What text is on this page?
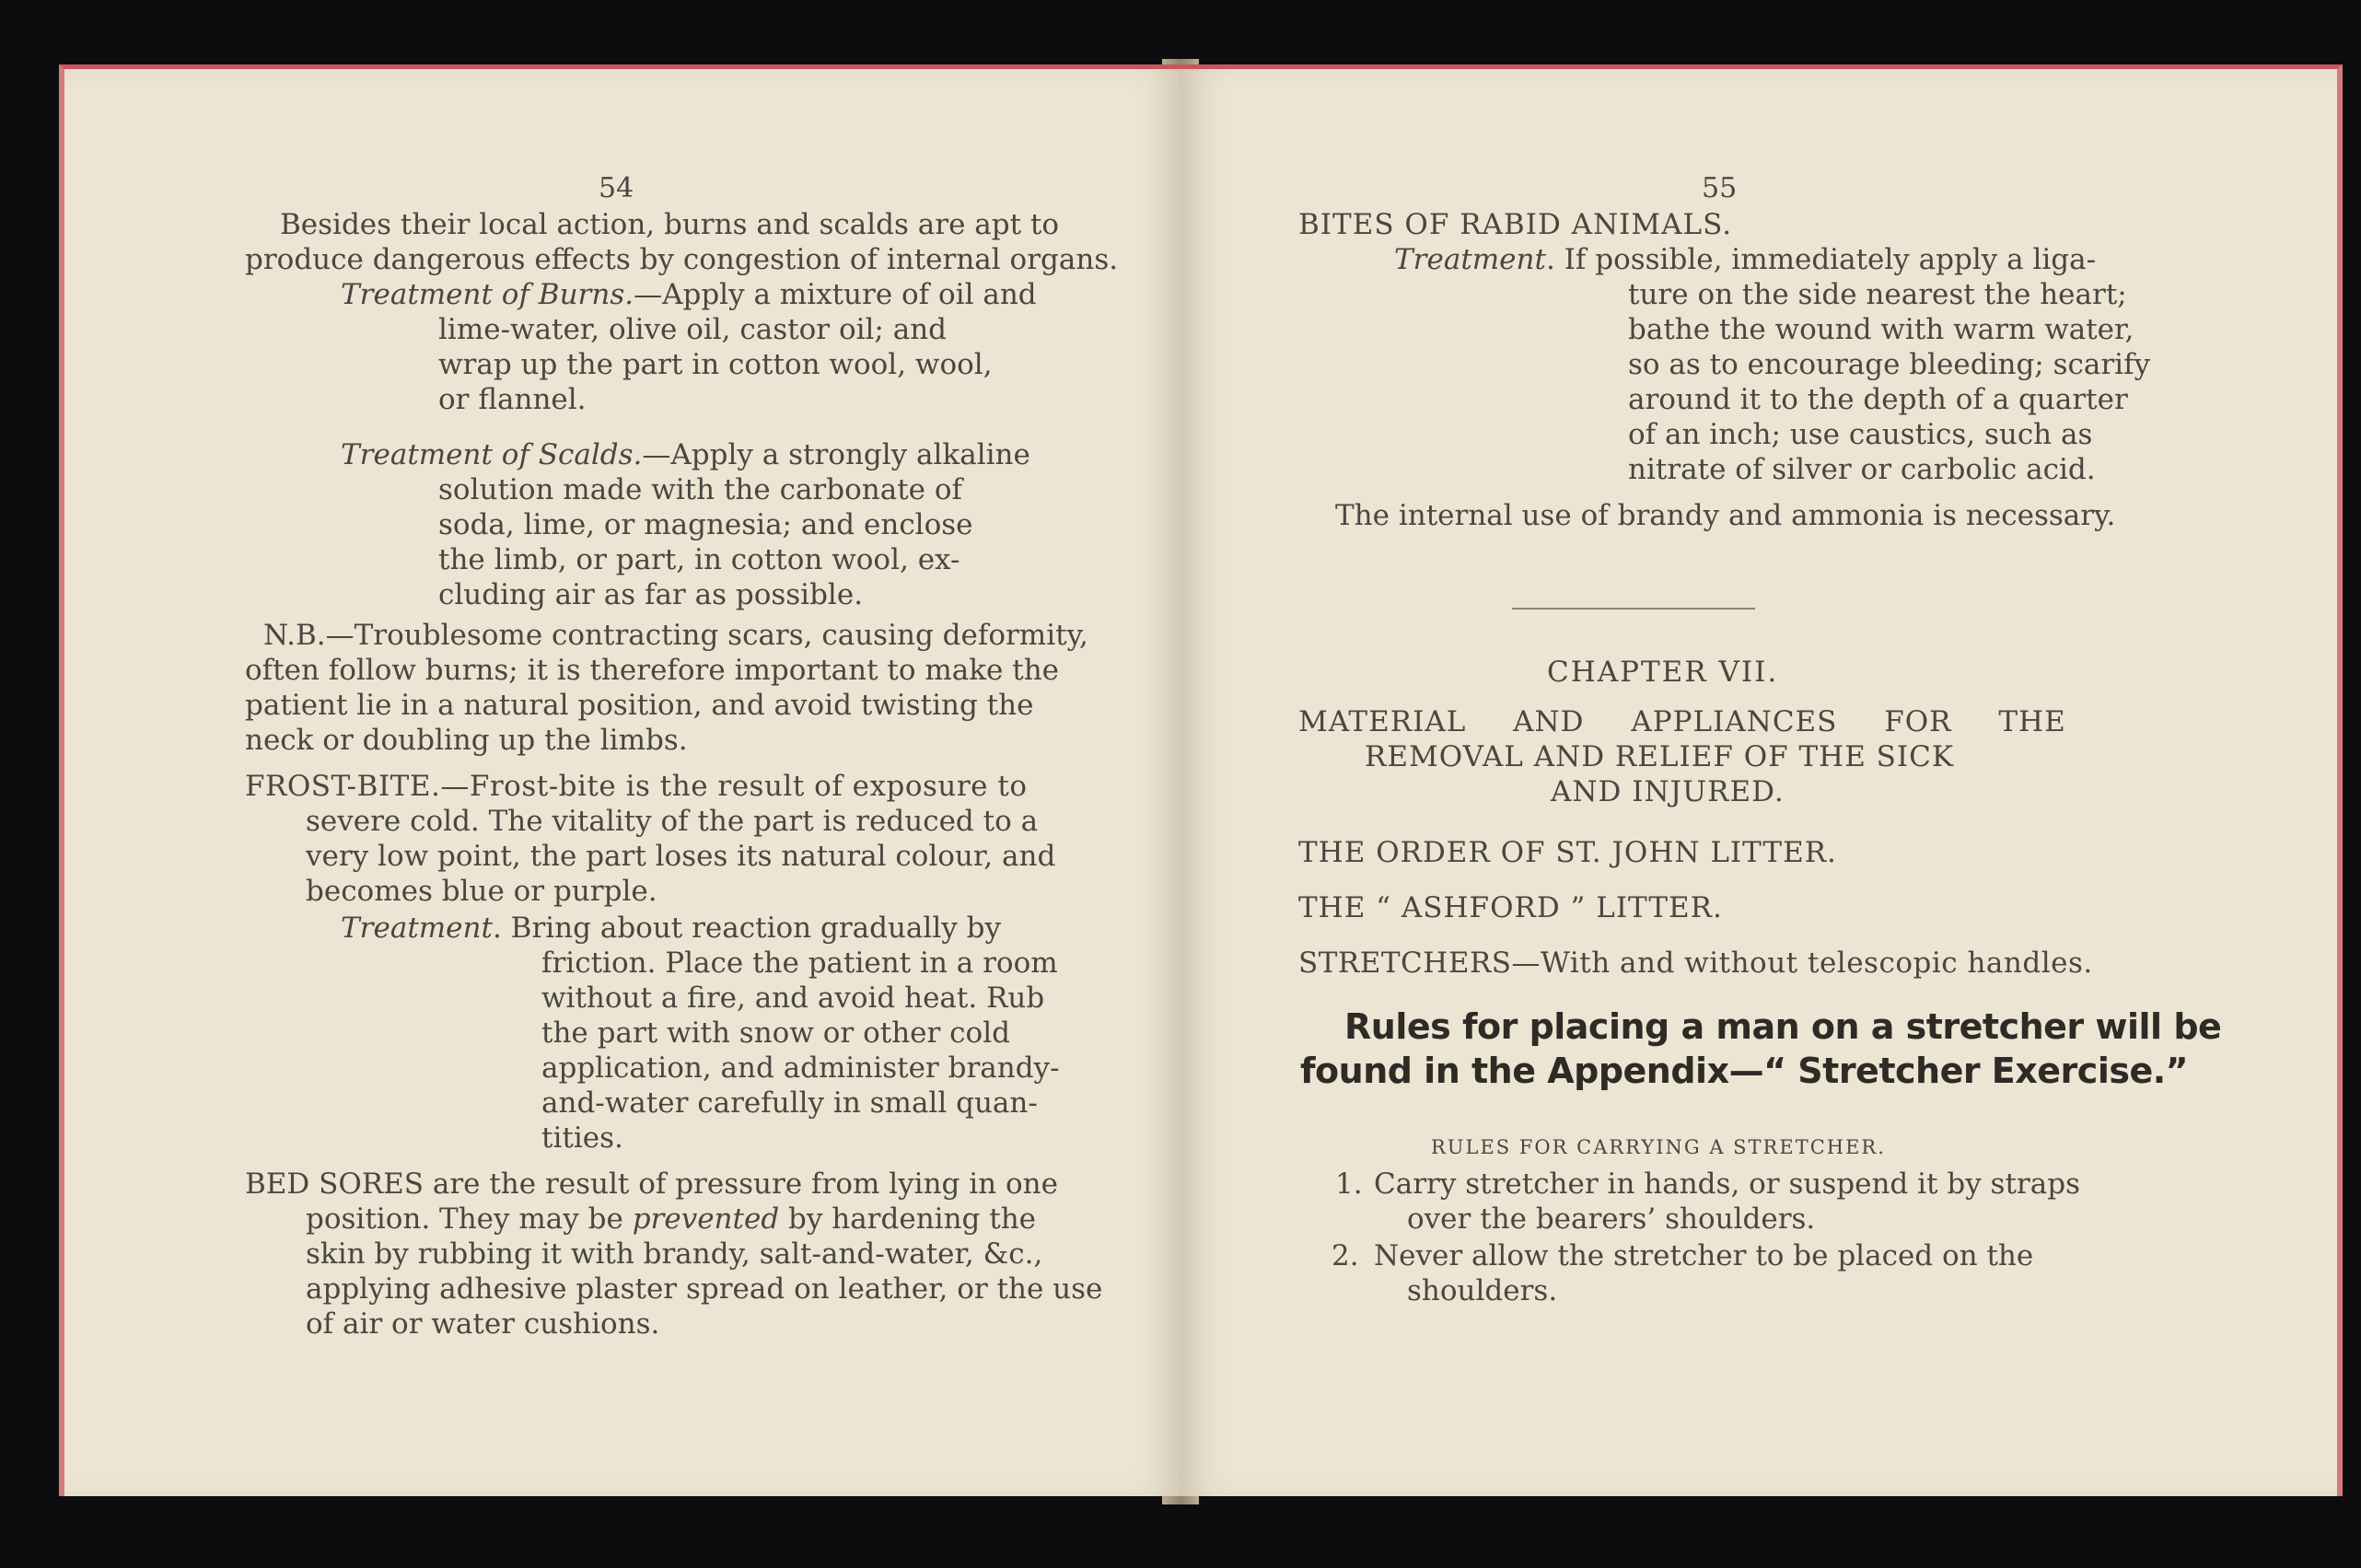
54
Besides their local action, burns and scalds are apt to
produce dangerous effects by congestion of internal organs.
Treatment of Burns.—Apply a mixture of oil and
lime-water, olive oil, castor oil; and
wrap up the part in cotton wool, wool,
or flannel.
Treatment of Scalds.—Apply a strongly alkaline
solution made with the carbonate of
soda, lime, or magnesia; and enclose
the limb, or part, in cotton wool, ex-
cluding air as far as possible.
N.B.—Troublesome contracting scars, causing deformity,
often follow burns; it is therefore important to make the
patient lie in a natural position, and avoid twisting the
neck or doubling up the limbs.
FROST-BITE.—Frost-bite is the result of exposure to
severe cold. The vitality of the part is reduced to a
very low point, the part loses its natural colour, and
becomes blue or purple.
Treatment. Bring about reaction gradually by
friction. Place the patient in a room
without a fire, and avoid heat. Rub
the part with snow or other cold
application, and administer brandy-
and-water carefully in small quan-
tities.
BED SORES are the result of pressure from lying in one
position. They may be prevented by hardening the
skin by rubbing it with brandy, salt-and-water, &c.,
applying adhesive plaster spread on leather, or the use
of air or water cushions.
55
BITES OF RABID ANIMALS.
Treatment. If possible, immediately apply a liga-
ture on the side nearest the heart;
bathe the wound with warm water,
so as to encourage bleeding; scarify
around it to the depth of a quarter
of an inch; use caustics, such as
nitrate of silver or carbolic acid.
The internal use of brandy and ammonia is necessary.
CHAPTER VII.
MATERIAL AND APPLIANCES FOR THE
REMOVAL AND RELIEF OF THE SICK
AND INJURED.
THE ORDER OF ST. JOHN LITTER.
THE “ ASHFORD ” LITTER.
STRETCHERS—With and without telescopic handles.
Rules for placing a man on a stretcher will be
found in the Appendix—“ Stretcher Exercise.”
RULES FOR CARRYING A STRETCHER.
1. Carry stretcher in hands, or suspend it by straps
over the bearers’ shoulders.
2. Never allow the stretcher to be placed on the
shoulders.
